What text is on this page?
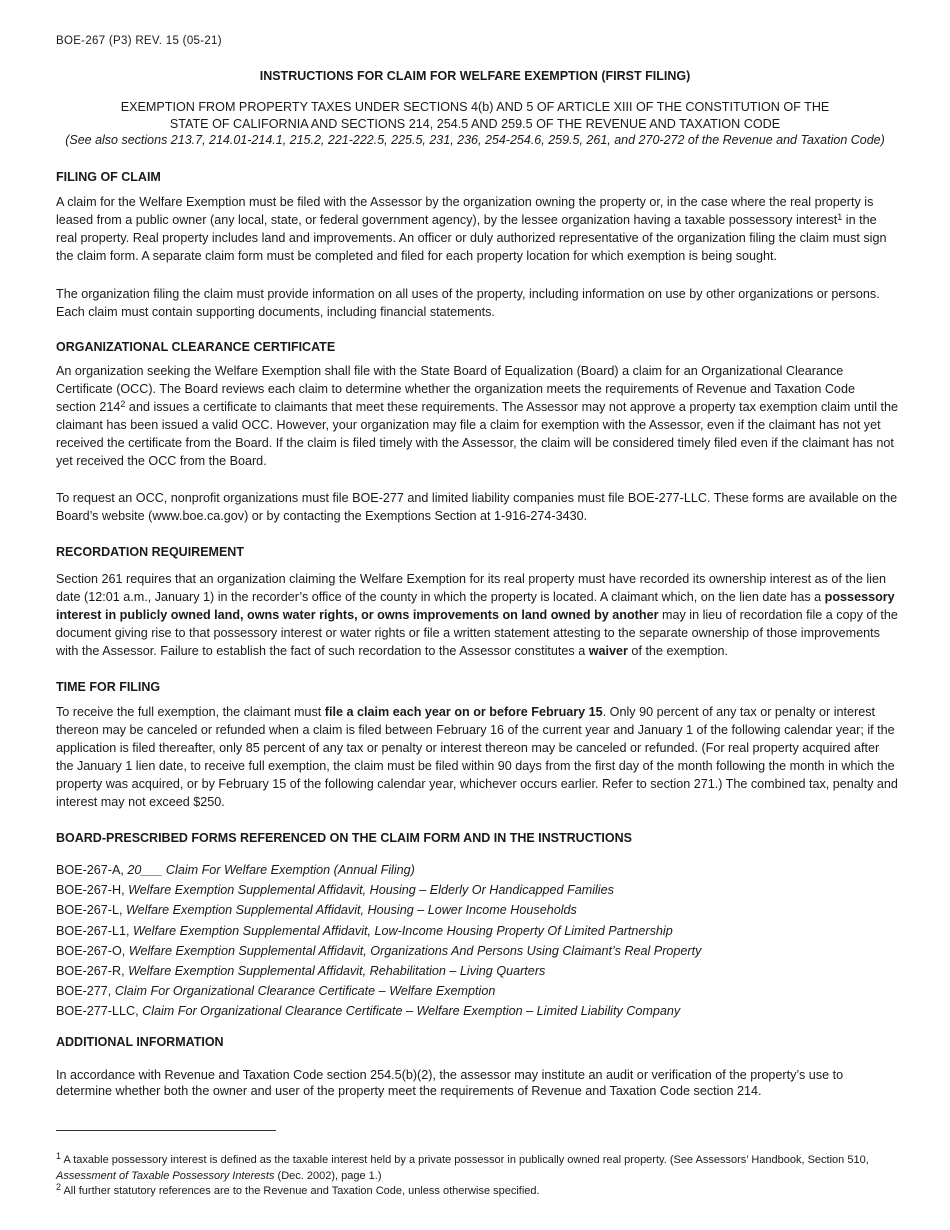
BOE-267 (P3) REV. 15 (05-21)
INSTRUCTIONS FOR CLAIM FOR WELFARE EXEMPTION (FIRST FILING)
EXEMPTION FROM PROPERTY TAXES UNDER SECTIONS 4(b) AND 5 OF ARTICLE XIII OF THE CONSTITUTION OF THE
STATE OF CALIFORNIA AND SECTIONS 214, 254.5 AND 259.5 OF THE REVENUE AND TAXATION CODE
(See also sections 213.7, 214.01-214.1, 215.2, 221-222.5, 225.5, 231, 236, 254-254.6, 259.5, 261, and 270-272 of the Revenue and Taxation Code)
FILING OF CLAIM

A claim for the Welfare Exemption must be filed with the Assessor by the organization owning the property or, in the case where the real property is leased from a public owner (any local, state, or federal government agency), by the lessee organization having a taxable possessory interest$^1$ in the real property. Real property includes land and improvements. An officer or duly authorized representative of the organization filing the claim must sign the claim form. A separate claim form must be completed and filed for each property location for which exemption is being sought.

The organization filing the claim must provide information on all uses of the property, including information on use by other organizations or persons. Each claim must contain supporting documents, including financial statements.

ORGANIZATIONAL CLEARANCE CERTIFICATE

An organization seeking the Welfare Exemption shall file with the State Board of Equalization (Board) a claim for an Organizational Clearance Certificate (OCC). The Board reviews each claim to determine whether the organization meets the requirements of Revenue and Taxation Code section $214^2$ and issues a certificate to claimants that meet these requirements. The Assessor may not approve a property tax exemption claim until the claimant has been issued a valid OCC. However, your organization may file a claim for exemption with the Assessor, even if the claimant has not yet received the certificate from the Board. If the claim is filed timely with the Assessor, the claim will be considered timely filed even if the claimant has not yet received the OCC from the Board.

To request an OCC, nonprofit organizations must file BOE-277 and limited liability companies must file BOE-277-LLC. These forms are available on the Board’s website (www.boe.ca.gov) or by contacting the Exemptions Section at 1-916-274-3430.

RECORDATION REQUIREMENT

Section 261 requires that an organization claiming the Welfare Exemption for its real property must have recorded its ownership interest as of the lien date (12:01 a.m., January 1) in the recorder’s office of the county in which the property is located. A claimant which, on the lien date has a possessory interest in publicly owned land, owns water rights, or owns improvements on land owned by another may in lieu of recordation file a copy of the document giving rise to that possessory interest or water rights or file a written statement attesting to the separate ownership of those improvements with the Assessor. Failure to establish the fact of such recordation to the Assessor constitutes a waiver of the exemption.

TIME FOR FILING

To receive the full exemption, the claimant must file a claim each year on or before February 15. Only 90 percent of any tax or penalty or interest thereon may be canceled or refunded when a claim is filed between February 16 of the current year and January 1 of the following calendar year; if the application is filed thereafter, only 85 percent of any tax or penalty or interest thereon may be canceled or refunded. (For real property acquired after the January 1 lien date, to receive full exemption, the claim must be filed within 90 days from the first day of the month following the month in which the property was acquired, or by February 15 of the following calendar year, whichever occurs earlier. Refer to section 271.) The combined tax, penalty and interest may not exceed $250.

BOARD-PRESCRIBED FORMS REFERENCED ON THE CLAIM FORM AND IN THE INSTRUCTIONS
BOE-267-A, 20___ Claim For Welfare Exemption (Annual Filing)
BOE-267-H, Welfare Exemption Supplemental Affidavit, Housing – Elderly Or Handicapped Families
BOE-267-L, Welfare Exemption Supplemental Affidavit, Housing – Lower Income Households
BOE-267-L1, Welfare Exemption Supplemental Affidavit, Low-Income Housing Property Of Limited Partnership
BOE-267-O, Welfare Exemption Supplemental Affidavit, Organizations And Persons Using Claimant’s Real Property
BOE-267-R, Welfare Exemption Supplemental Affidavit, Rehabilitation – Living Quarters
BOE-277, Claim For Organizational Clearance Certificate – Welfare Exemption
BOE-277-LLC, Claim For Organizational Clearance Certificate – Welfare Exemption – Limited Liability Company
ADDITIONAL INFORMATION

In accordance with Revenue and Taxation Code section 254.5(b)(2), the assessor may institute an audit or verification of the property’s use to determine whether both the owner and user of the property meet the requirements of Revenue and Taxation Code section 214.

$^1$ A taxable possessory interest is defined as the taxable interest held by a private possessor in publically owned real property. (See Assessors’ Handbook, Section 510, Assessment of Taxable Possessory Interests (Dec. 2002), page 1.)
$^2$ All further statutory references are to the Revenue and Taxation Code, unless otherwise specified.
